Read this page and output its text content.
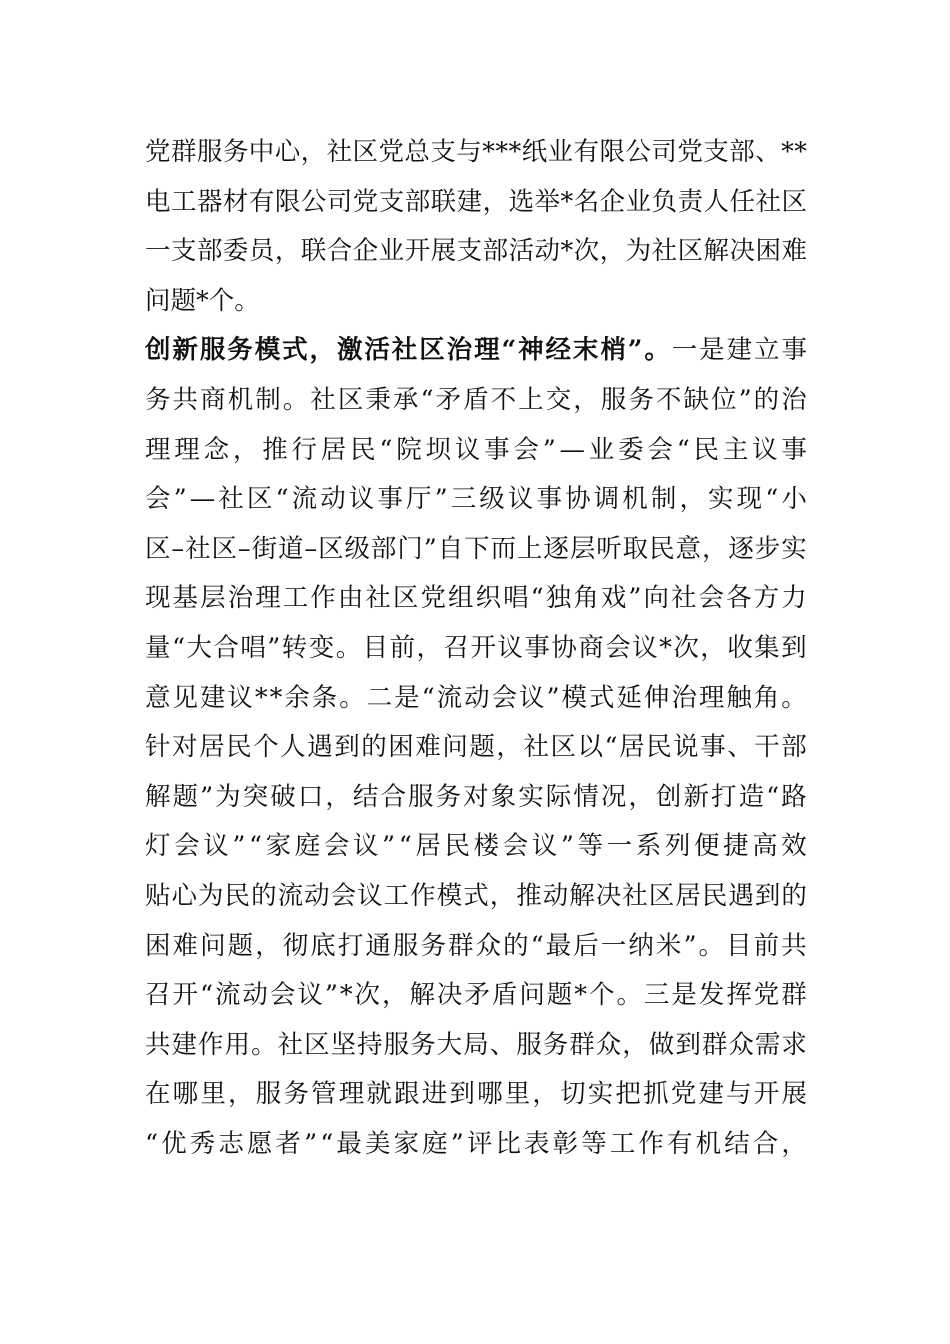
党 群 服 务 中 心 ， 社 区 党 总 支 与 * * * 纸 业 有 限 公 司 党 支 部 、 * *
电 工 器 材 有 限 公 司 党 支 部 联 建 ， 选 举 * 名 企 业 负 责 人 任 社 区
一 支 部 委 员 ， 联 合 企 业 开 展 支 部 活 动 * 次 ， 为 社 区 解 决 困 难
问 题 * 个 。
创 新 服 务 模 式 ， 激 活 社 区 治 理 “ 神 经 末 梢 ” 。 一 是 建 立 事
务 共 商 机 制 。 社 区 秉 承 “ 矛 盾 不 上 交 ， 服 务 不 缺 位 ” 的 治
理 理 念 ， 推 行 居 民 “ 院 坝 议 事 会 ” — 业 委 会 “ 民 主 议 事
会 ” — 社 区 “ 流 动 议 事 厅 ” 三 级 议 事 协 调 机 制 ， 实 现 “ 小
区 – 社 区 – 街 道 – 区 级 部 门 ” 自 下 而 上 逐 层 听 取 民 意 ， 逐 步 实
现 基 层 治 理 工 作 由 社 区 党 组 织 唱 “ 独 角 戏 ” 向 社 会 各 方 力
量 “ 大 合 唱 ” 转 变 。 目 前 ， 召 开 议 事 协 商 会 议 * 次 ， 收 集 到
意 见 建 议 * * 余 条 。 二 是 “ 流 动 会 议 ” 模 式 延 伸 治 理 触 角 。
针 对 居 民 个 人 遇 到 的 困 难 问 题 ， 社 区 以 “ 居 民 说 事 、 干 部
解 题 ” 为 突 破 口 ， 结 合 服 务 对 象 实 际 情 况 ， 创 新 打 造 “ 路
灯 会 议 ” “ 家 庭 会 议 ” “ 居 民 楼 会 议 ” 等 一 系 列 便 捷 高 效
贴 心 为 民 的 流 动 会 议 工 作 模 式 ， 推 动 解 决 社 区 居 民 遇 到 的
困 难 问 题 ， 彻 底 打 通 服 务 群 众 的 “ 最 后 一 纳 米 ” 。 目 前 共
召 开 “ 流 动 会 议 ” * 次 ， 解 决 矛 盾 问 题 * 个 。 三 是 发 挥 党 群
共 建 作 用 。 社 区 坚 持 服 务 大 局 、 服 务 群 众 ， 做 到 群 众 需 求
在 哪 里 ， 服 务 管 理 就 跟 进 到 哪 里 ， 切 实 把 抓 党 建 与 开 展
“ 优 秀 志 愿 者 ” “ 最 美 家 庭 ” 评 比 表 彰 等 工 作 有 机 结 合 ，
